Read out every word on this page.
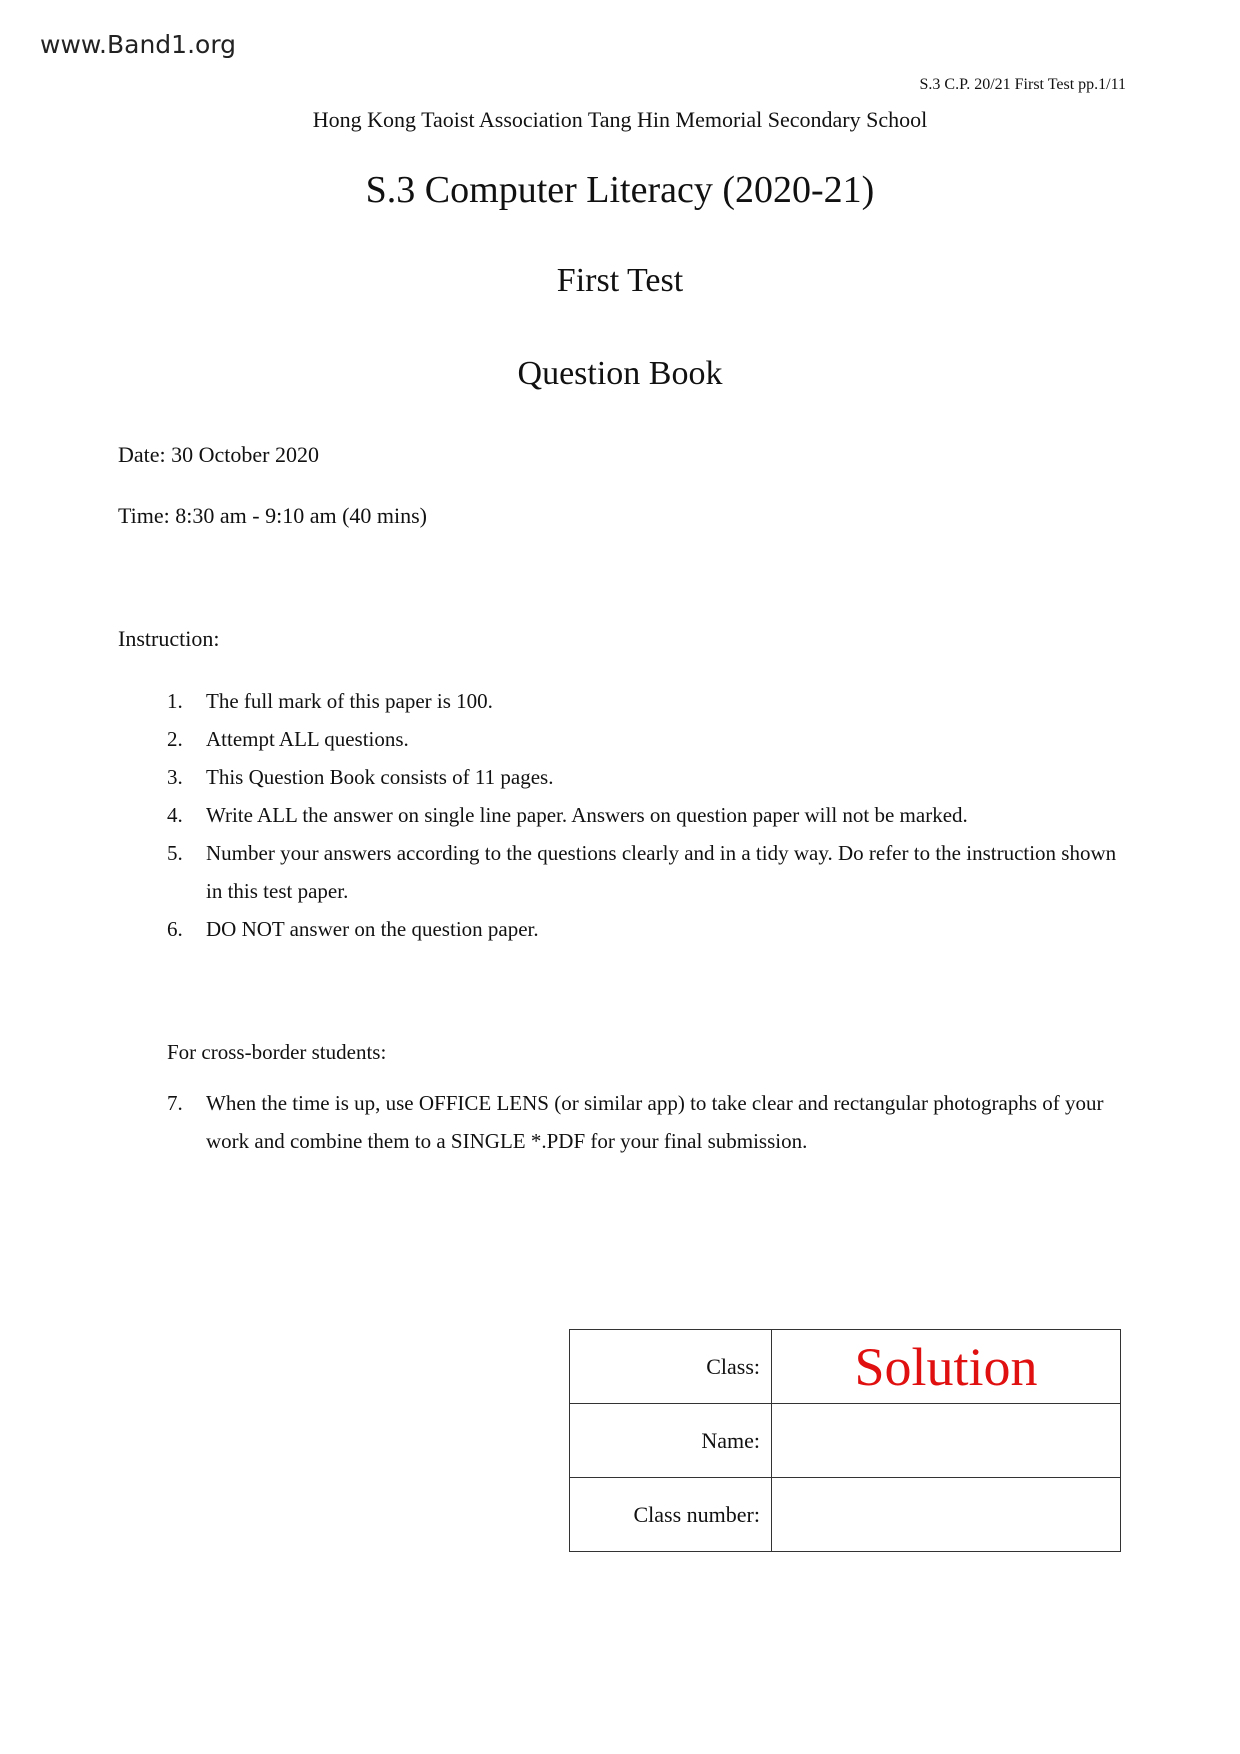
www.Band1.org
S.3 C.P. 20/21 First Test pp.1/11
Hong Kong Taoist Association Tang Hin Memorial Secondary School
S.3 Computer Literacy (2020-21)
First Test
Question Book
Date: 30 October 2020
Time: 8:30 am - 9:10 am (40 mins)
Instruction:
1. The full mark of this paper is 100.
2. Attempt ALL questions.
3. This Question Book consists of 11 pages.
4. Write ALL the answer on single line paper. Answers on question paper will not be marked.
5. Number your answers according to the questions clearly and in a tidy way. Do refer to the instruction shown in this test paper.
6. DO NOT answer on the question paper.
For cross-border students:
7. When the time is up, use OFFICE LENS (or similar app) to take clear and rectangular photographs of your work and combine them to a SINGLE *.PDF for your final submission.
Class:	Solution
Name:	
Class number:	
